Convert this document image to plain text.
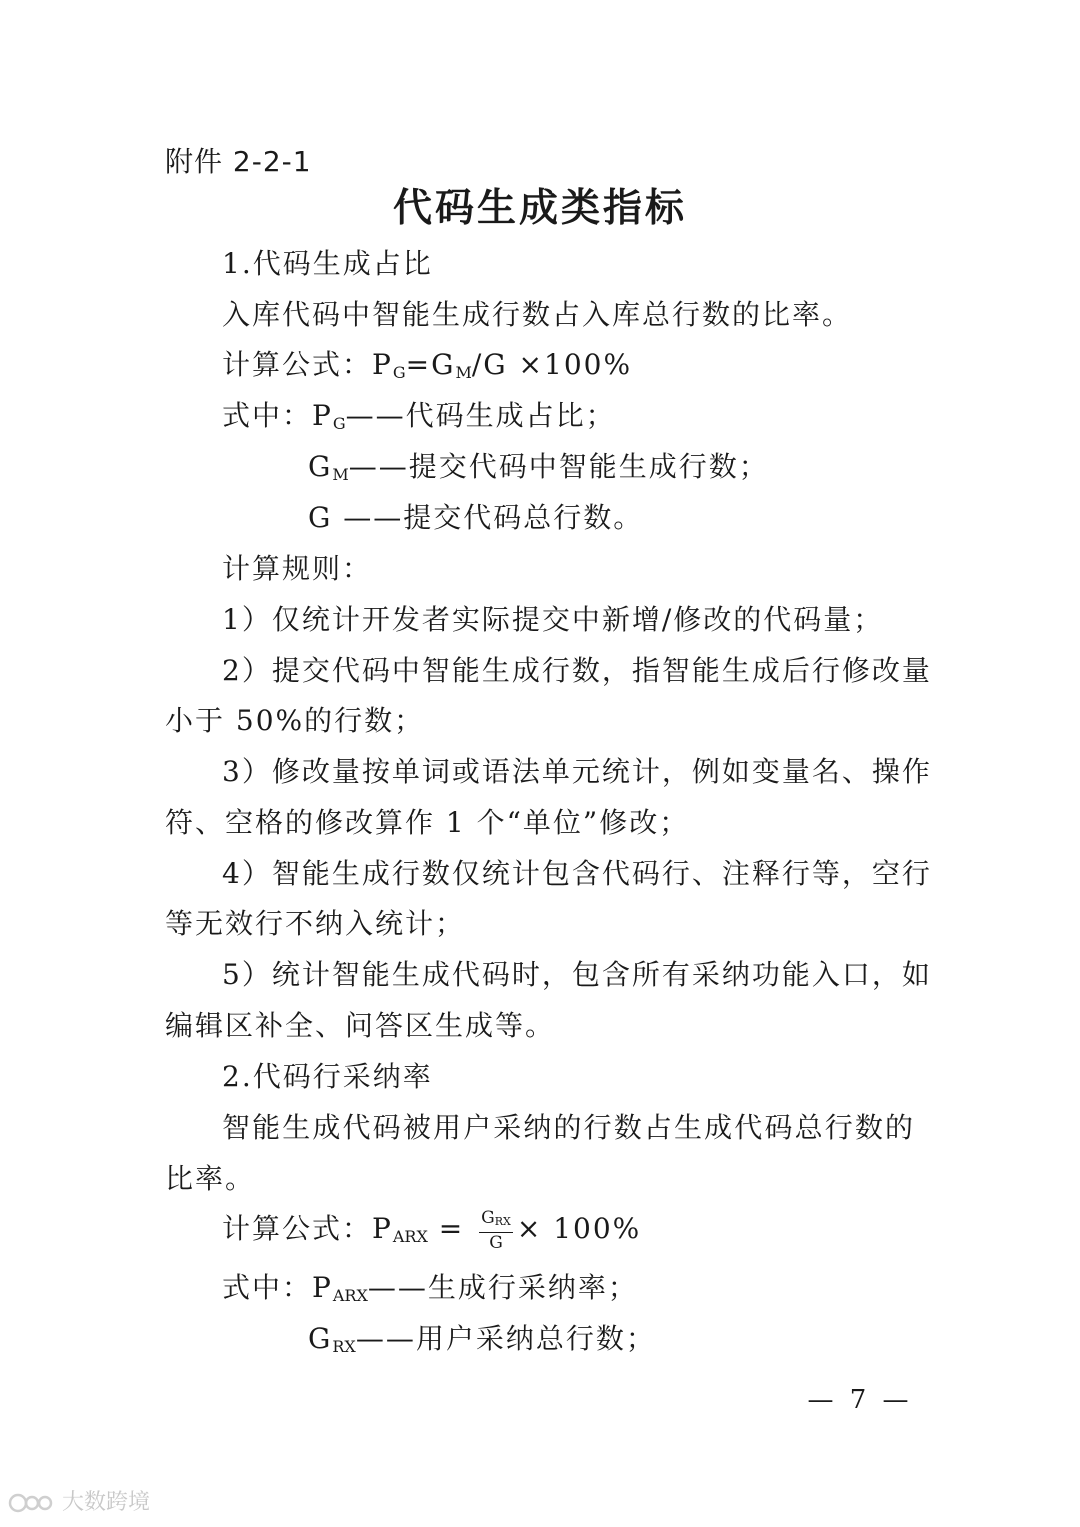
附件 2-2-1
代码生成类指标
1.代码生成占比
入库代码中智能生成行数占入库总行数的比率。
计算公式：$P_G=G_M/G \times 100\%$
式中：$P_G——$代码生成占比；
$G_M——$提交代码中智能生成行数；
G ——提交代码总行数。
计算规则：
1）仅统计开发者实际提交中新增/修改的代码量；
2）提交代码中智能生成行数，指智能生成后行修改量
小于 50%的行数；
3）修改量按单词或语法单元统计，例如变量名、操作
符、空格的修改算作 1 个“单位”修改；
4）智能生成行数仅统计包含代码行、注释行等，空行
等无效行不纳入统计；
5）统计智能生成代码时，包含所有采纳功能入口，如
编辑区补全、问答区生成等。
2.代码行采纳率
智能生成代码被用户采纳的行数占生成代码总行数的
比率。
计算公式：$P_{ARX} = \frac{G_{RX}}{G} \times 100\%$
式中：$P_{ARX}——$生成行采纳率；
$G_{RX}——$用户采纳总行数；
— 7 —
大数跨境
